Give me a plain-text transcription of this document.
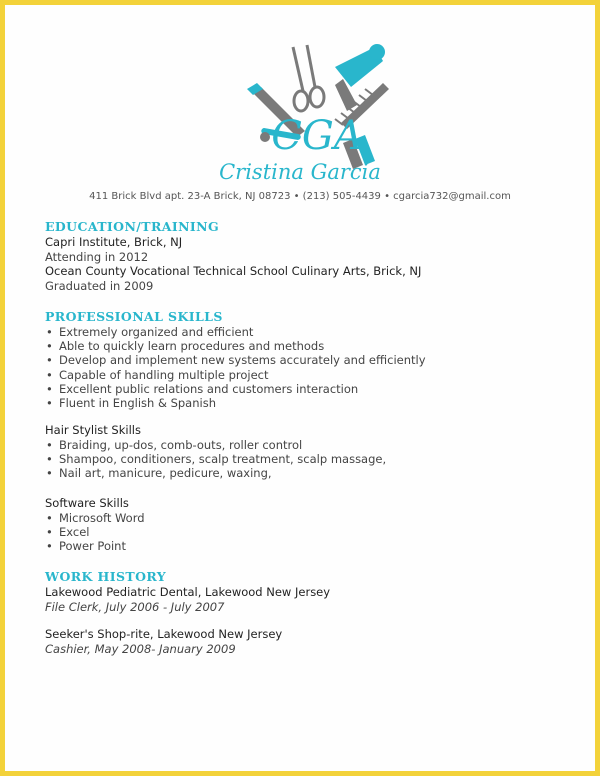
CGA
Cristina Garcia
411 Brick Blvd apt. 23-A Brick, NJ 08723 • (213) 505-4439 • cgarcia732@gmail.com
EDUCATION/TRAINING
Capri Institute, Brick, NJ
Attending in 2012
Ocean County Vocational Technical School Culinary Arts, Brick, NJ
Graduated in 2009
PROFESSIONAL SKILLS
• Extremely organized and efficient
• Able to quickly learn procedures and methods
• Develop and implement new systems accurately and efficiently
• Capable of handling multiple project
• Excellent public relations and customers interaction
• Fluent in English & Spanish
Hair Stylist Skills
• Braiding, up-dos, comb-outs, roller control
• Shampoo, conditioners, scalp treatment, scalp massage,
• Nail art, manicure, pedicure, waxing,
Software Skills
• Microsoft Word
• Excel
• Power Point
WORK HISTORY
Lakewood Pediatric Dental, Lakewood New Jersey
File Clerk, July 2006 - July 2007
Seeker's Shop-rite, Lakewood New Jersey
Cashier, May 2008- January 2009
